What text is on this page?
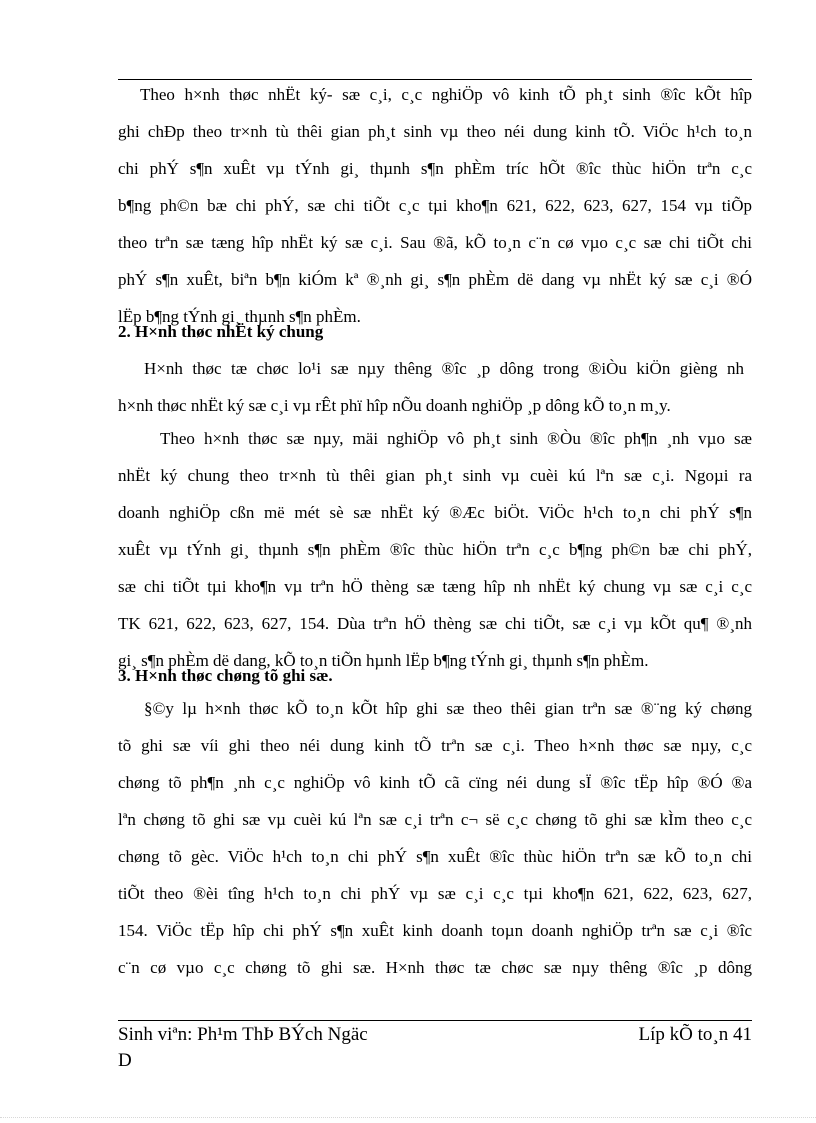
Theo h×nh thøc nhËt ký- sæ c¸i, c¸c nghiÖp vô kinh tÕ ph¸t sinh ®îc kÕt hîp
ghi chÐp theo tr×nh tù thêi gian ph¸t sinh vµ theo néi dung kinh tÕ. ViÖc h¹ch to¸n
chi phÝ s¶n xuÊt vµ tÝnh gi¸ thµnh s¶n phÈm tríc hÕt ®îc thùc hiÖn trªn c¸c
b¶ng ph©n bæ chi phÝ, sæ chi tiÕt c¸c tµi kho¶n 621, 622, 623, 627, 154 vµ tiÕp
theo trªn sæ tæng hîp nhËt ký sæ c¸i. Sau ®ã, kÕ to¸n c¨n cø vµo c¸c sæ chi tiÕt chi
phÝ s¶n xuÊt, biªn b¶n kiÓm kª ®¸nh gi¸ s¶n phÈm dë dang vµ nhËt ký sæ c¸i ®Ó
lËp b¶ng tÝnh gi¸ thµnh s¶n phÈm.
2. H×nh thøc nhËt ký chung
H×nh thøc tæ chøc lo¹i sæ nµy thêng ®îc ¸p dông trong ®iÒu kiÖn gièng nh
h×nh thøc nhËt ký sæ c¸i vµ rÊt phï hîp nÕu doanh nghiÖp ¸p dông kÕ to¸n m¸y.
Theo h×nh thøc sæ nµy, mäi nghiÖp vô ph¸t sinh ®Òu ®îc ph¶n ¸nh vµo sæ
nhËt ký chung theo tr×nh tù thêi gian ph¸t sinh vµ cuèi kú lªn sæ c¸i. Ngoµi ra
doanh nghiÖp cßn më mét sè sæ nhËt ký ®Æc biÖt. ViÖc h¹ch to¸n chi phÝ s¶n
xuÊt vµ tÝnh gi¸ thµnh s¶n phÈm ®îc thùc hiÖn trªn c¸c b¶ng ph©n bæ chi phÝ,
sæ chi tiÕt tµi kho¶n vµ trªn hÖ thèng sæ tæng hîp nh nhËt ký chung vµ sæ c¸i c¸c
TK 621, 622, 623, 627, 154. Dùa trªn hÖ thèng sæ chi tiÕt, sæ c¸i vµ kÕt qu¶ ®¸nh
gi¸ s¶n phÈm dë dang, kÕ to¸n tiÕn hµnh lËp b¶ng tÝnh gi¸ thµnh s¶n phÈm.
3. H×nh thøc chøng tõ ghi sæ.
§©y lµ h×nh thøc kÕ to¸n kÕt hîp ghi sæ theo thêi gian trªn sæ ®¨ng ký chøng
tõ ghi sæ víi ghi theo néi dung kinh tÕ trªn sæ c¸i. Theo h×nh thøc sæ nµy, c¸c
chøng tõ ph¶n ¸nh c¸c nghiÖp vô kinh tÕ cã cïng néi dung sÏ ®îc tËp hîp ®Ó ®a
lªn chøng tõ ghi sæ vµ cuèi kú lªn sæ c¸i trªn c¬ së c¸c chøng tõ ghi sæ kÌm theo c¸c
chøng tõ gèc. ViÖc h¹ch to¸n chi phÝ s¶n xuÊt ®îc thùc hiÖn trªn sæ kÕ to¸n chi
tiÕt theo ®èi tîng h¹ch to¸n chi phÝ vµ sæ c¸i c¸c tµi kho¶n 621, 622, 623, 627,
154. ViÖc tËp hîp chi phÝ s¶n xuÊt kinh doanh toµn doanh nghiÖp trªn sæ c¸i ®îc
c¨n cø vµo c¸c chøng tõ ghi sæ. H×nh thøc tæ chøc sæ nµy thêng ®îc ¸p dông
Sinh viªn: Ph¹m ThÞ BÝch Ngäc
D
Líp kÕ to¸n 41
